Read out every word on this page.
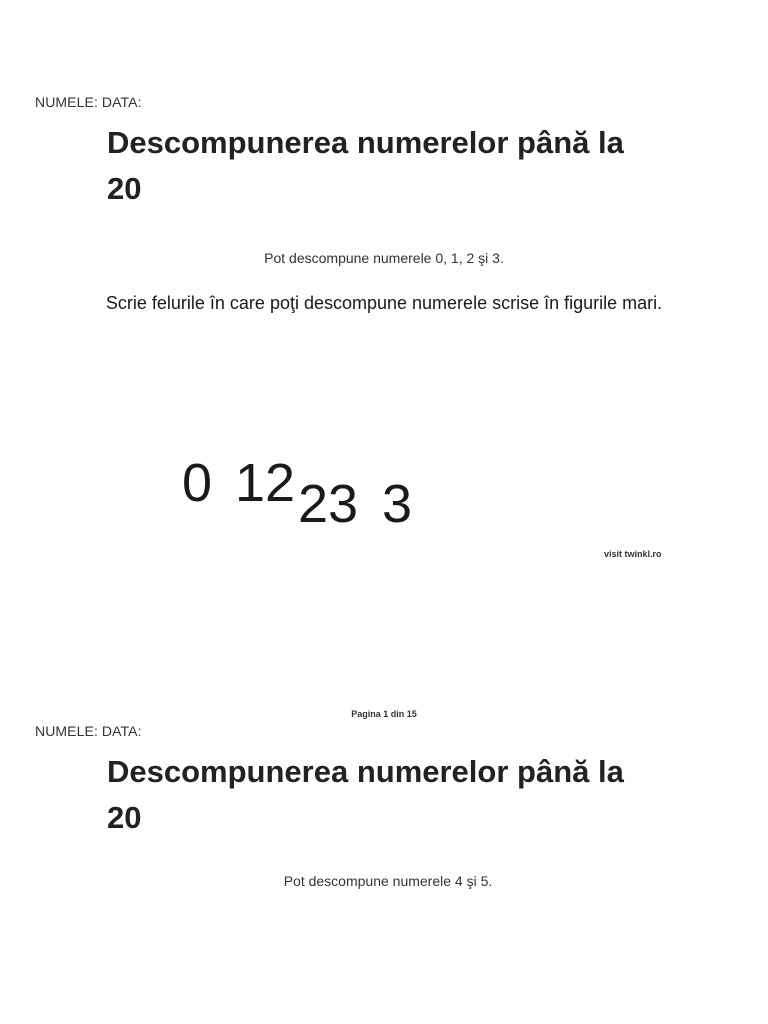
NUMELE: DATA:
Descompunerea numerelor până la
20
Pot descompune numerele 0, 1, 2 şi 3.
Scrie felurile în care poţi descompune numerele scrise în figurile mari.
0 12 23 3
visit twinkl.ro
Pagina 1 din 15
NUMELE: DATA:
Descompunerea numerelor până la
20
Pot descompune numerele 4 şi 5.
